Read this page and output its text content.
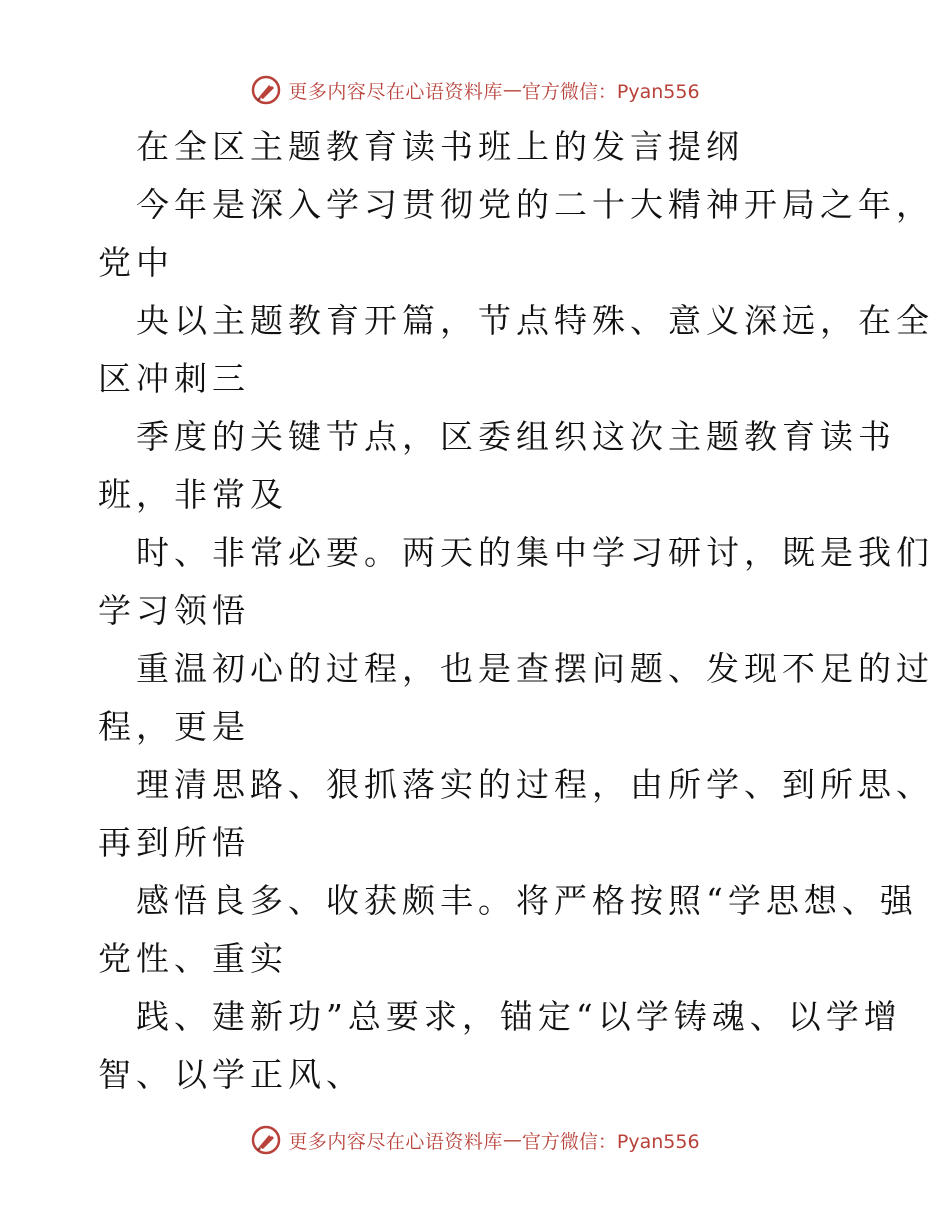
更多内容尽在心语资料库 — 官方微信：Pyan556
在全区主题教育读书班上的发言提纲
今年是深入学习贯彻党的二十大精神开局之年，
党中
央以主题教育开篇，节点特殊、意义深远，在全
区冲刺三
季度的关键节点，区委组织这次主题教育读书
班，非常及
时、非常必要。两天的集中学习研讨，既是我们
学习领悟
重温初心的过程，也是查摆问题、发现不足的过
程，更是
理清思路、狠抓落实的过程，由所学、到所思、
再到所悟
感悟良多、收获颇丰。将严格按照“学思想、强
党性、重实
践、建新功”总要求，锚定“以学铸魂、以学增
智、以学正风、
更多内容尽在心语资料库 — 官方微信：Pyan556
